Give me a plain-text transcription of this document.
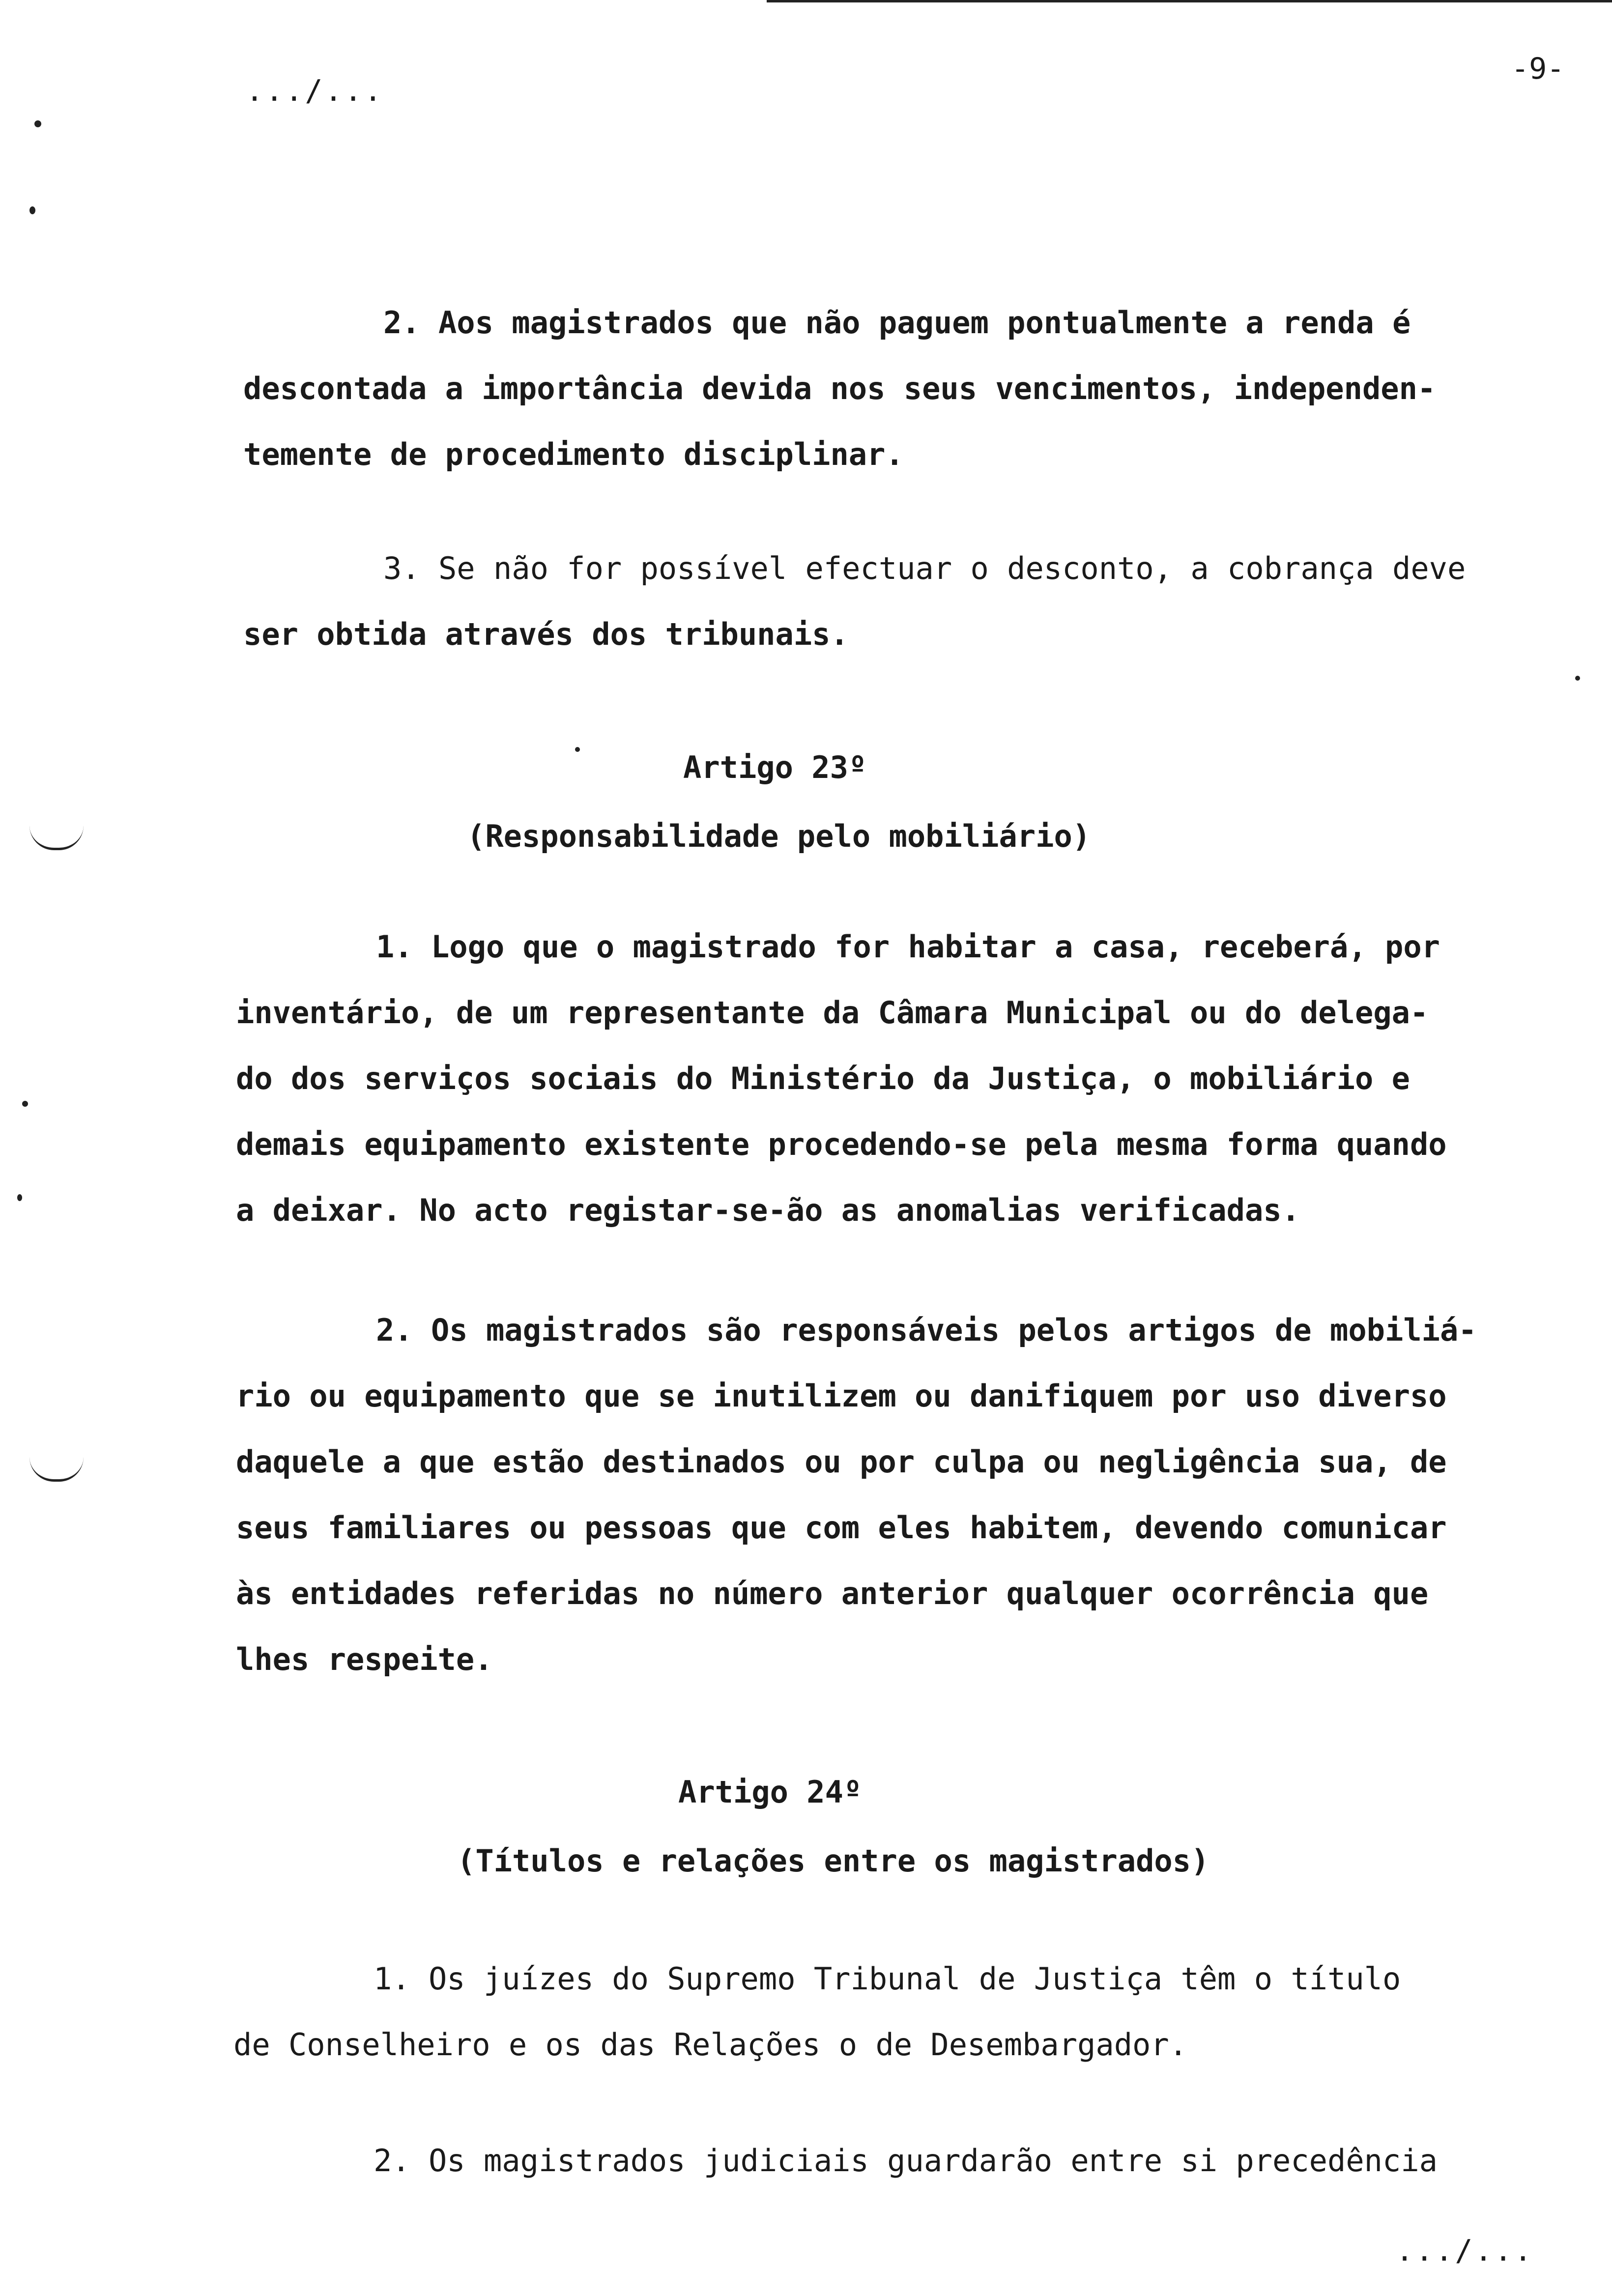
.../...
-9-
2. Aos magistrados que não paguem pontualmente a renda é
descontada a importância devida nos seus vencimentos, independen-
temente de procedimento disciplinar.
3. Se não for possível efectuar o desconto, a cobrança deve
ser obtida através dos tribunais.
Artigo 23º
(Responsabilidade pelo mobiliário)
1. Logo que o magistrado for habitar a casa, receberá, por
inventário, de um representante da Câmara Municipal ou do delega-
do dos serviços sociais do Ministério da Justiça, o mobiliário e
demais equipamento existente procedendo-se pela mesma forma quando
a deixar. No acto registar-se-ão as anomalias verificadas.
2. Os magistrados são responsáveis pelos artigos de mobiliá-
rio ou equipamento que se inutilizem ou danifiquem por uso diverso
daquele a que estão destinados ou por culpa ou negligência sua, de
seus familiares ou pessoas que com eles habitem, devendo comunicar
às entidades referidas no número anterior qualquer ocorrência que
lhes respeite.
Artigo 24º
(Títulos e relações entre os magistrados)
1. Os juízes do Supremo Tribunal de Justiça têm o título
de Conselheiro e os das Relações o de Desembargador.
2. Os magistrados judiciais guardarão entre si precedência
.../...
